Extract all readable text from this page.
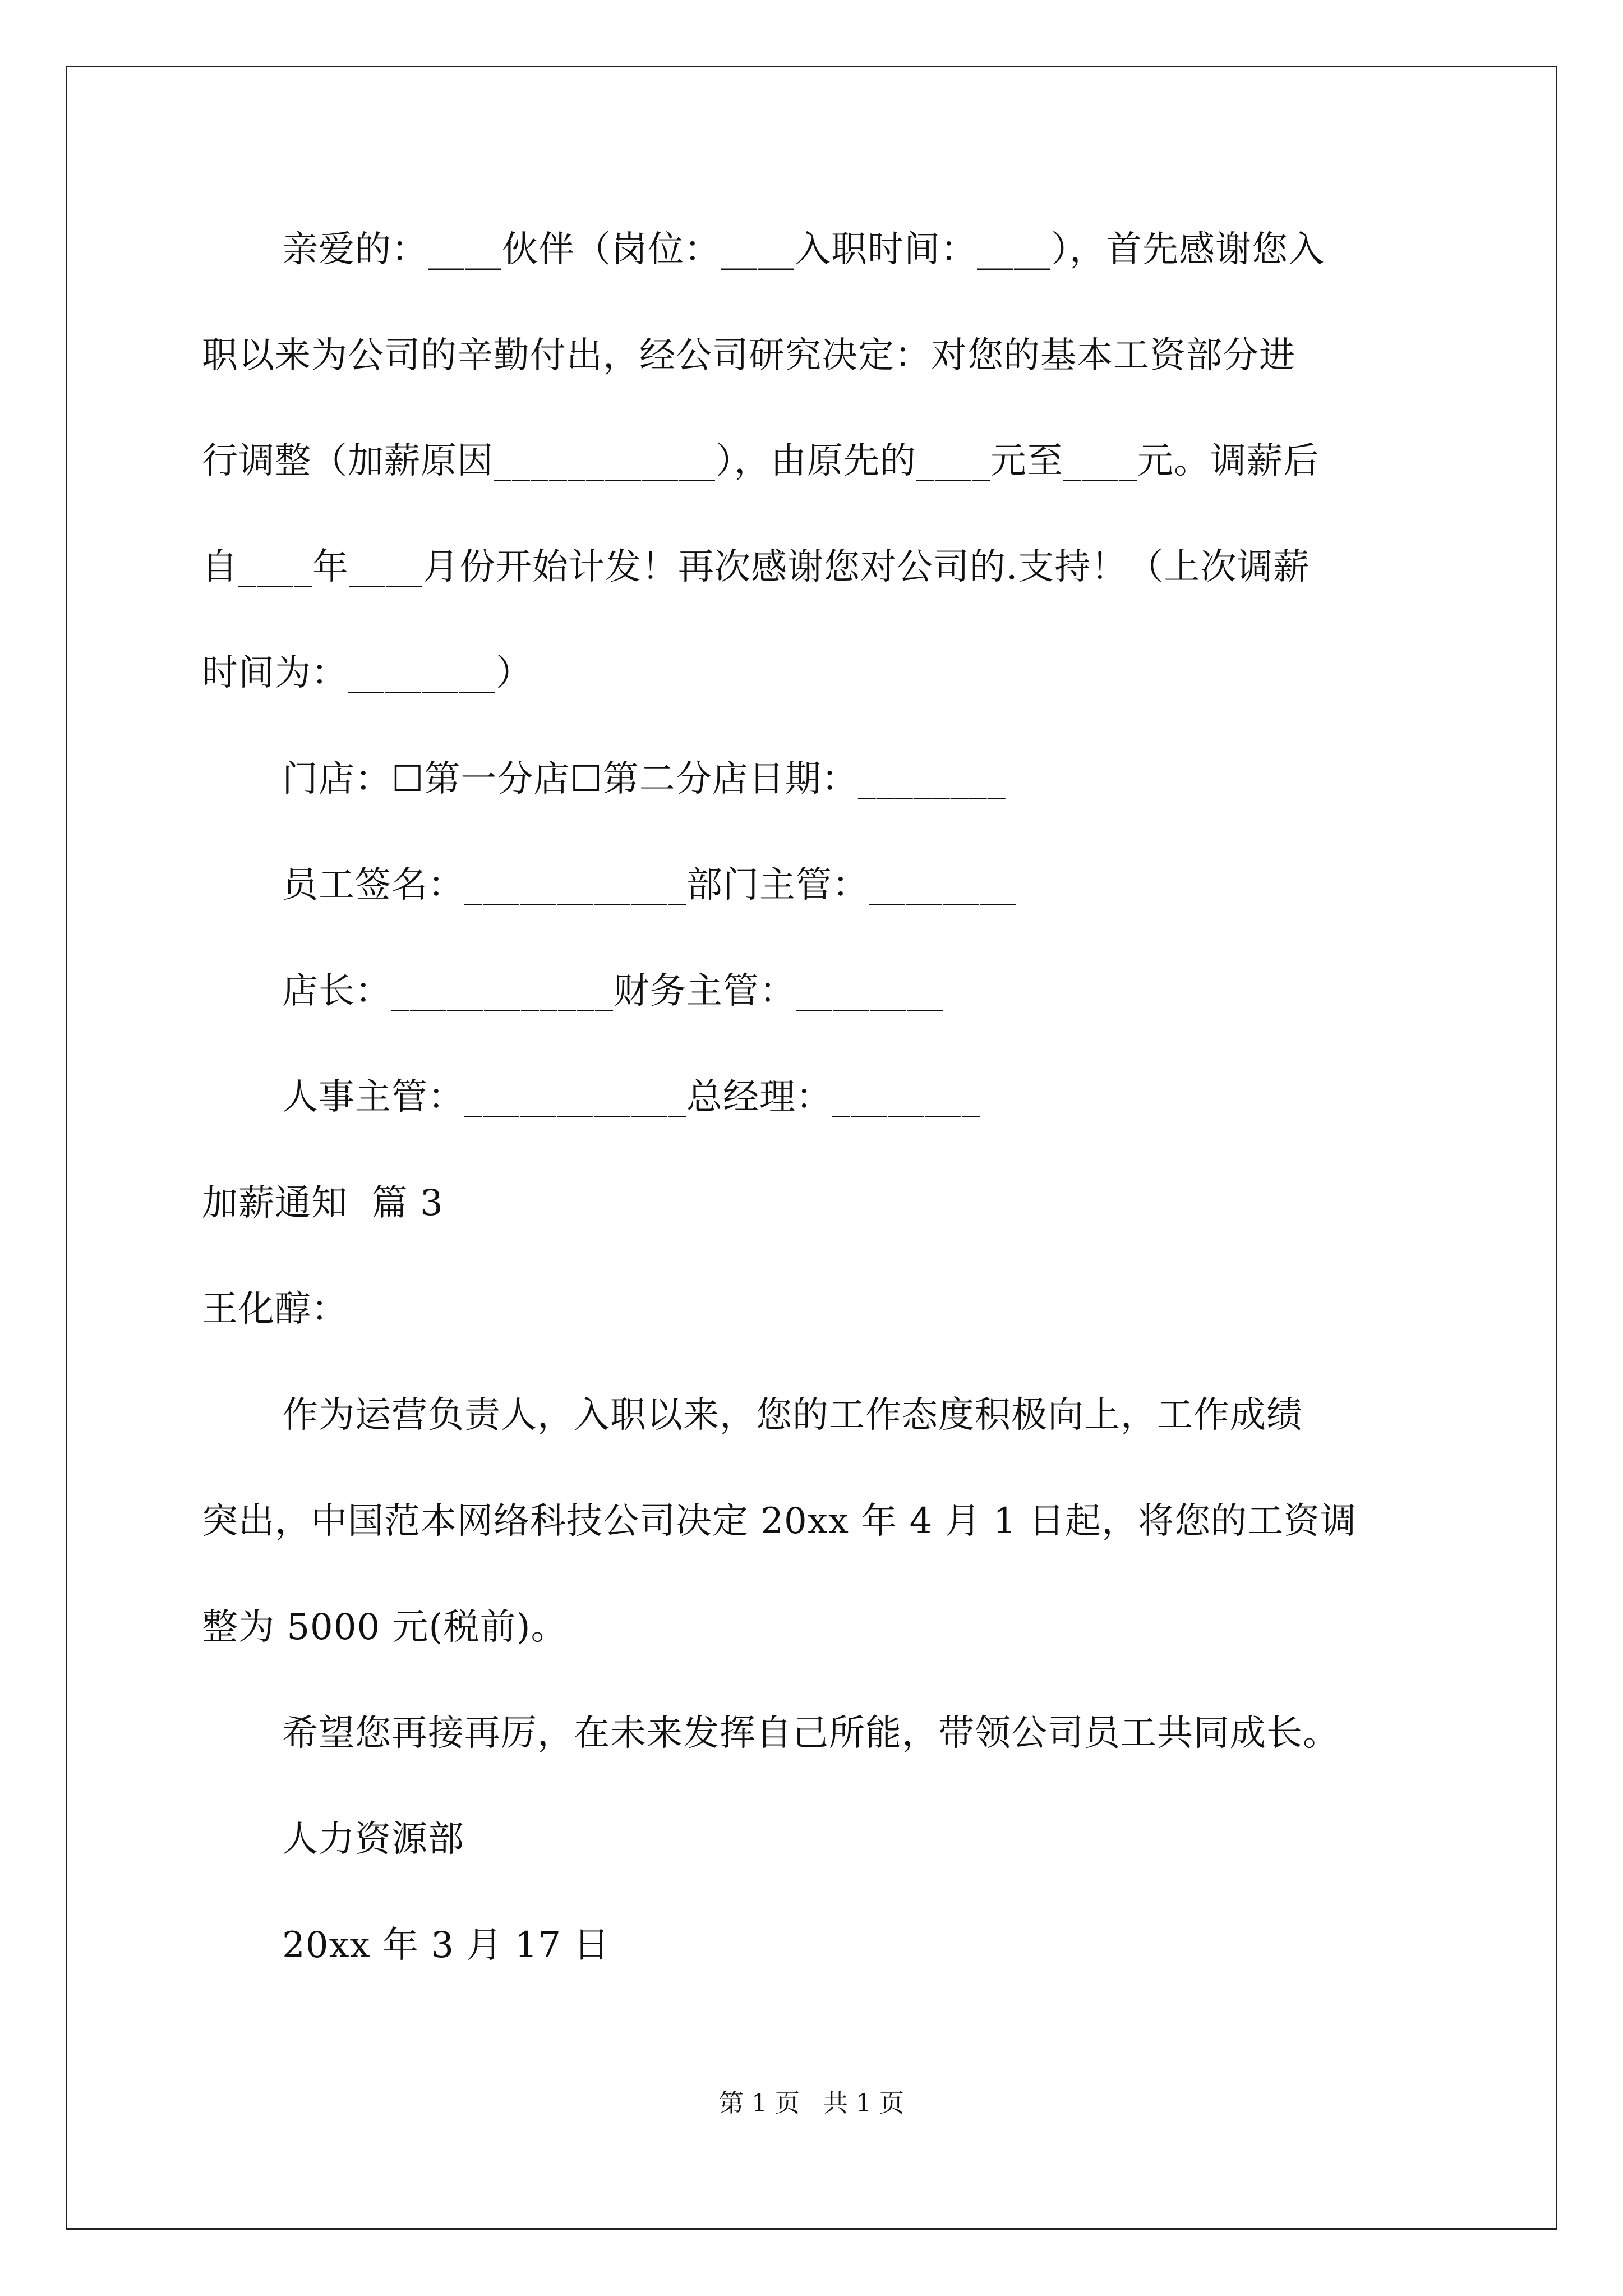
亲爱的：____伙伴（岗位：____入职时间：____），首先感谢您入
职以来为公司的辛勤付出，经公司研究决定：对您的基本工资部分进
行调整（加薪原因____________），由原先的____元至____元。调薪后
自____年____月份开始计发！再次感谢您对公司的.支持！（上次调薪
时间为：________）
门店：☐第一分店☐第二分店日期：________
员工签名：____________部门主管：________
店长：____________财务主管：________
人事主管：____________总经理：________
加薪通知  篇 3
王化醇：
作为运营负责人，入职以来，您的工作态度积极向上，工作成绩
突出，中国范本网络科技公司决定 20xx 年 4 月 1 日起，将您的工资调
整为 5000 元(税前)。
希望您再接再厉，在未来发挥自己所能，带领公司员工共同成长。
人力资源部
20xx 年 3 月 17 日
第 1 页   共 1 页
